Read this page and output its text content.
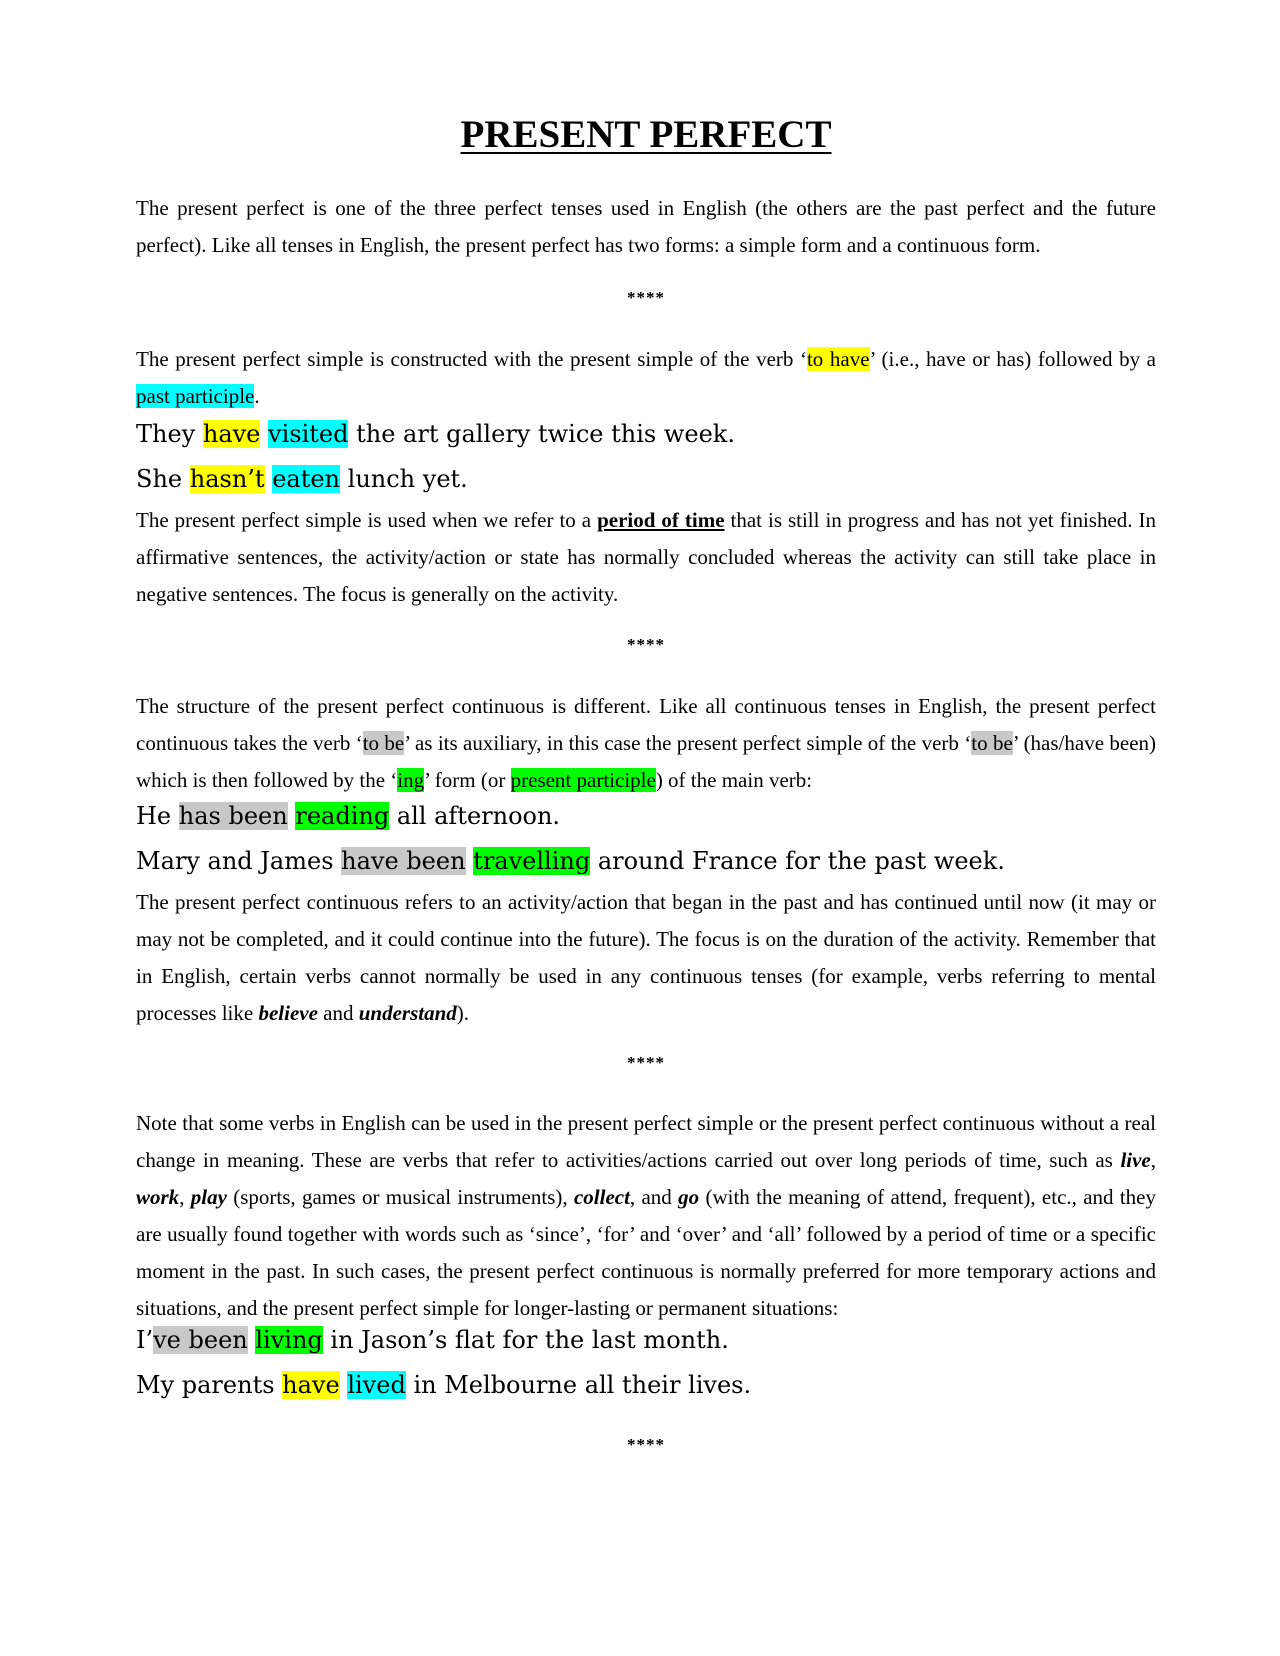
PRESENT PERFECT

The present perfect is one of the three perfect tenses used in English (the others are the past perfect and the future perfect). Like all tenses in English, the present perfect has two forms: a simple form and a continuous form.

****

The present perfect simple is constructed with the present simple of the verb ‘to have’ (i.e., have or has) followed by a past participle.

They have visited the art gallery twice this week.

She hasn’t eaten lunch yet.

The present perfect simple is used when we refer to a period of time that is still in progress and has not yet finished. In affirmative sentences, the activity/action or state has normally concluded whereas the activity can still take place in negative sentences. The focus is generally on the activity.

****

The structure of the present perfect continuous is different. Like all continuous tenses in English, the present perfect continuous takes the verb ‘to be’ as its auxiliary, in this case the present perfect simple of the verb ‘to be’ (has/have been) which is then followed by the ‘ing’ form (or present participle) of the main verb:

He has been reading all afternoon.

Mary and James have been travelling around France for the past week.

The present perfect continuous refers to an activity/action that began in the past and has continued until now (it may or may not be completed, and it could continue into the future). The focus is on the duration of the activity. Remember that in English, certain verbs cannot normally be used in any continuous tenses (for example, verbs referring to mental processes like believe and understand).

****

Note that some verbs in English can be used in the present perfect simple or the present perfect continuous without a real change in meaning. These are verbs that refer to activities/actions carried out over long periods of time, such as live, work, play (sports, games or musical instruments), collect, and go (with the meaning of attend, frequent), etc., and they are usually found together with words such as ‘since’, ‘for’ and ‘over’ and ‘all’ followed by a period of time or a specific moment in the past. In such cases, the present perfect continuous is normally preferred for more temporary actions and situations, and the present perfect simple for longer-lasting or permanent situations:

I’ve been living in Jason’s flat for the last month.

My parents have lived in Melbourne all their lives.

****
